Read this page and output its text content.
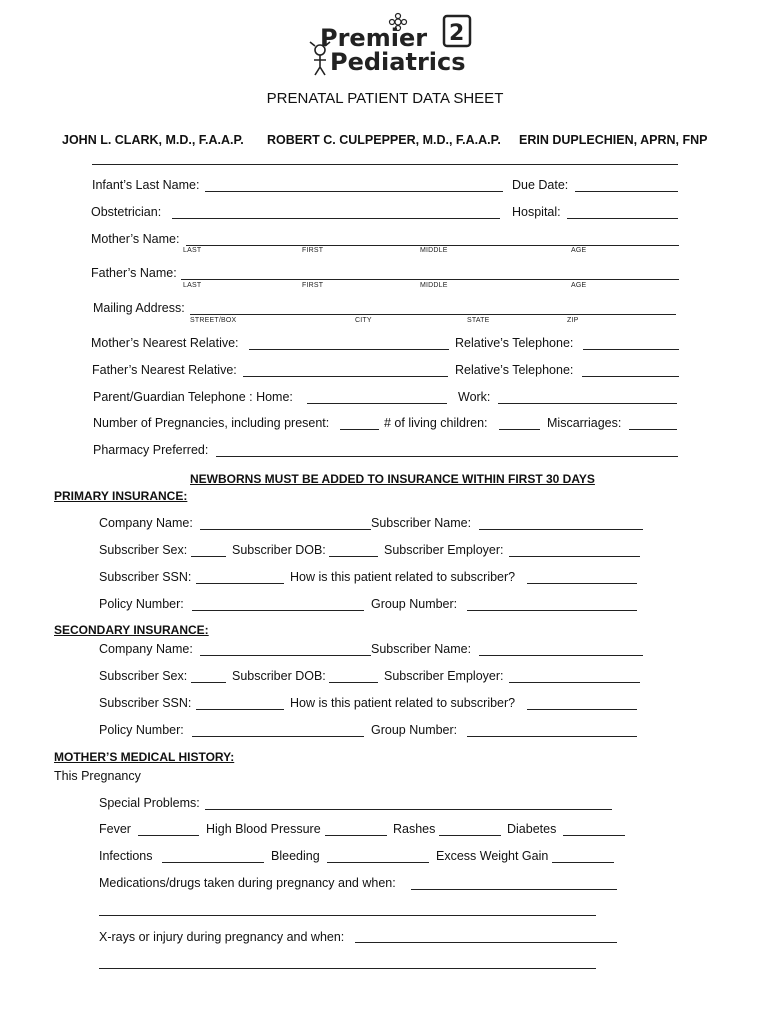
Premier
Pediatrics
2
PRENATAL PATIENT DATA SHEET
JOHN L. CLARK, M.D., F.A.A.P. ROBERT C. CULPEPPER, M.D., F.A.A.P. ERIN DUPLECHIEN, APRN, FNP
Infant’s Last Name:	Due Date:
Obstetrician:	Hospital:
Mother’s Name:
LAST	FIRST	MIDDLE	AGE
Father’s Name:
LAST	FIRST	MIDDLE	AGE
Mailing Address:
STREET/BOX	CITY	STATE	ZIP
Mother’s Nearest Relative:	Relative’s Telephone:
Father’s Nearest Relative:	Relative’s Telephone:
Parent/Guardian Telephone : Home:	Work:
Number of Pregnancies, including present:	# of living children:	Miscarriages:
Pharmacy Preferred:
NEWBORNS MUST BE ADDED TO INSURANCE WITHIN FIRST 30 DAYS
PRIMARY INSURANCE:
Company Name:	Subscriber Name:
Subscriber Sex:	Subscriber DOB:	Subscriber Employer:
Subscriber SSN:	How is this patient related to subscriber?
Policy Number:	Group Number:
SECONDARY INSURANCE:
Company Name:	Subscriber Name:
Subscriber Sex:	Subscriber DOB:	Subscriber Employer:
Subscriber SSN:	How is this patient related to subscriber?
Policy Number:	Group Number:
MOTHER’S MEDICAL HISTORY:
This Pregnancy
Special Problems:
Fever	High Blood Pressure	Rashes	Diabetes
Infections	Bleeding	Excess Weight Gain
Medications/drugs taken during pregnancy and when:
X-rays or injury during pregnancy and when:
